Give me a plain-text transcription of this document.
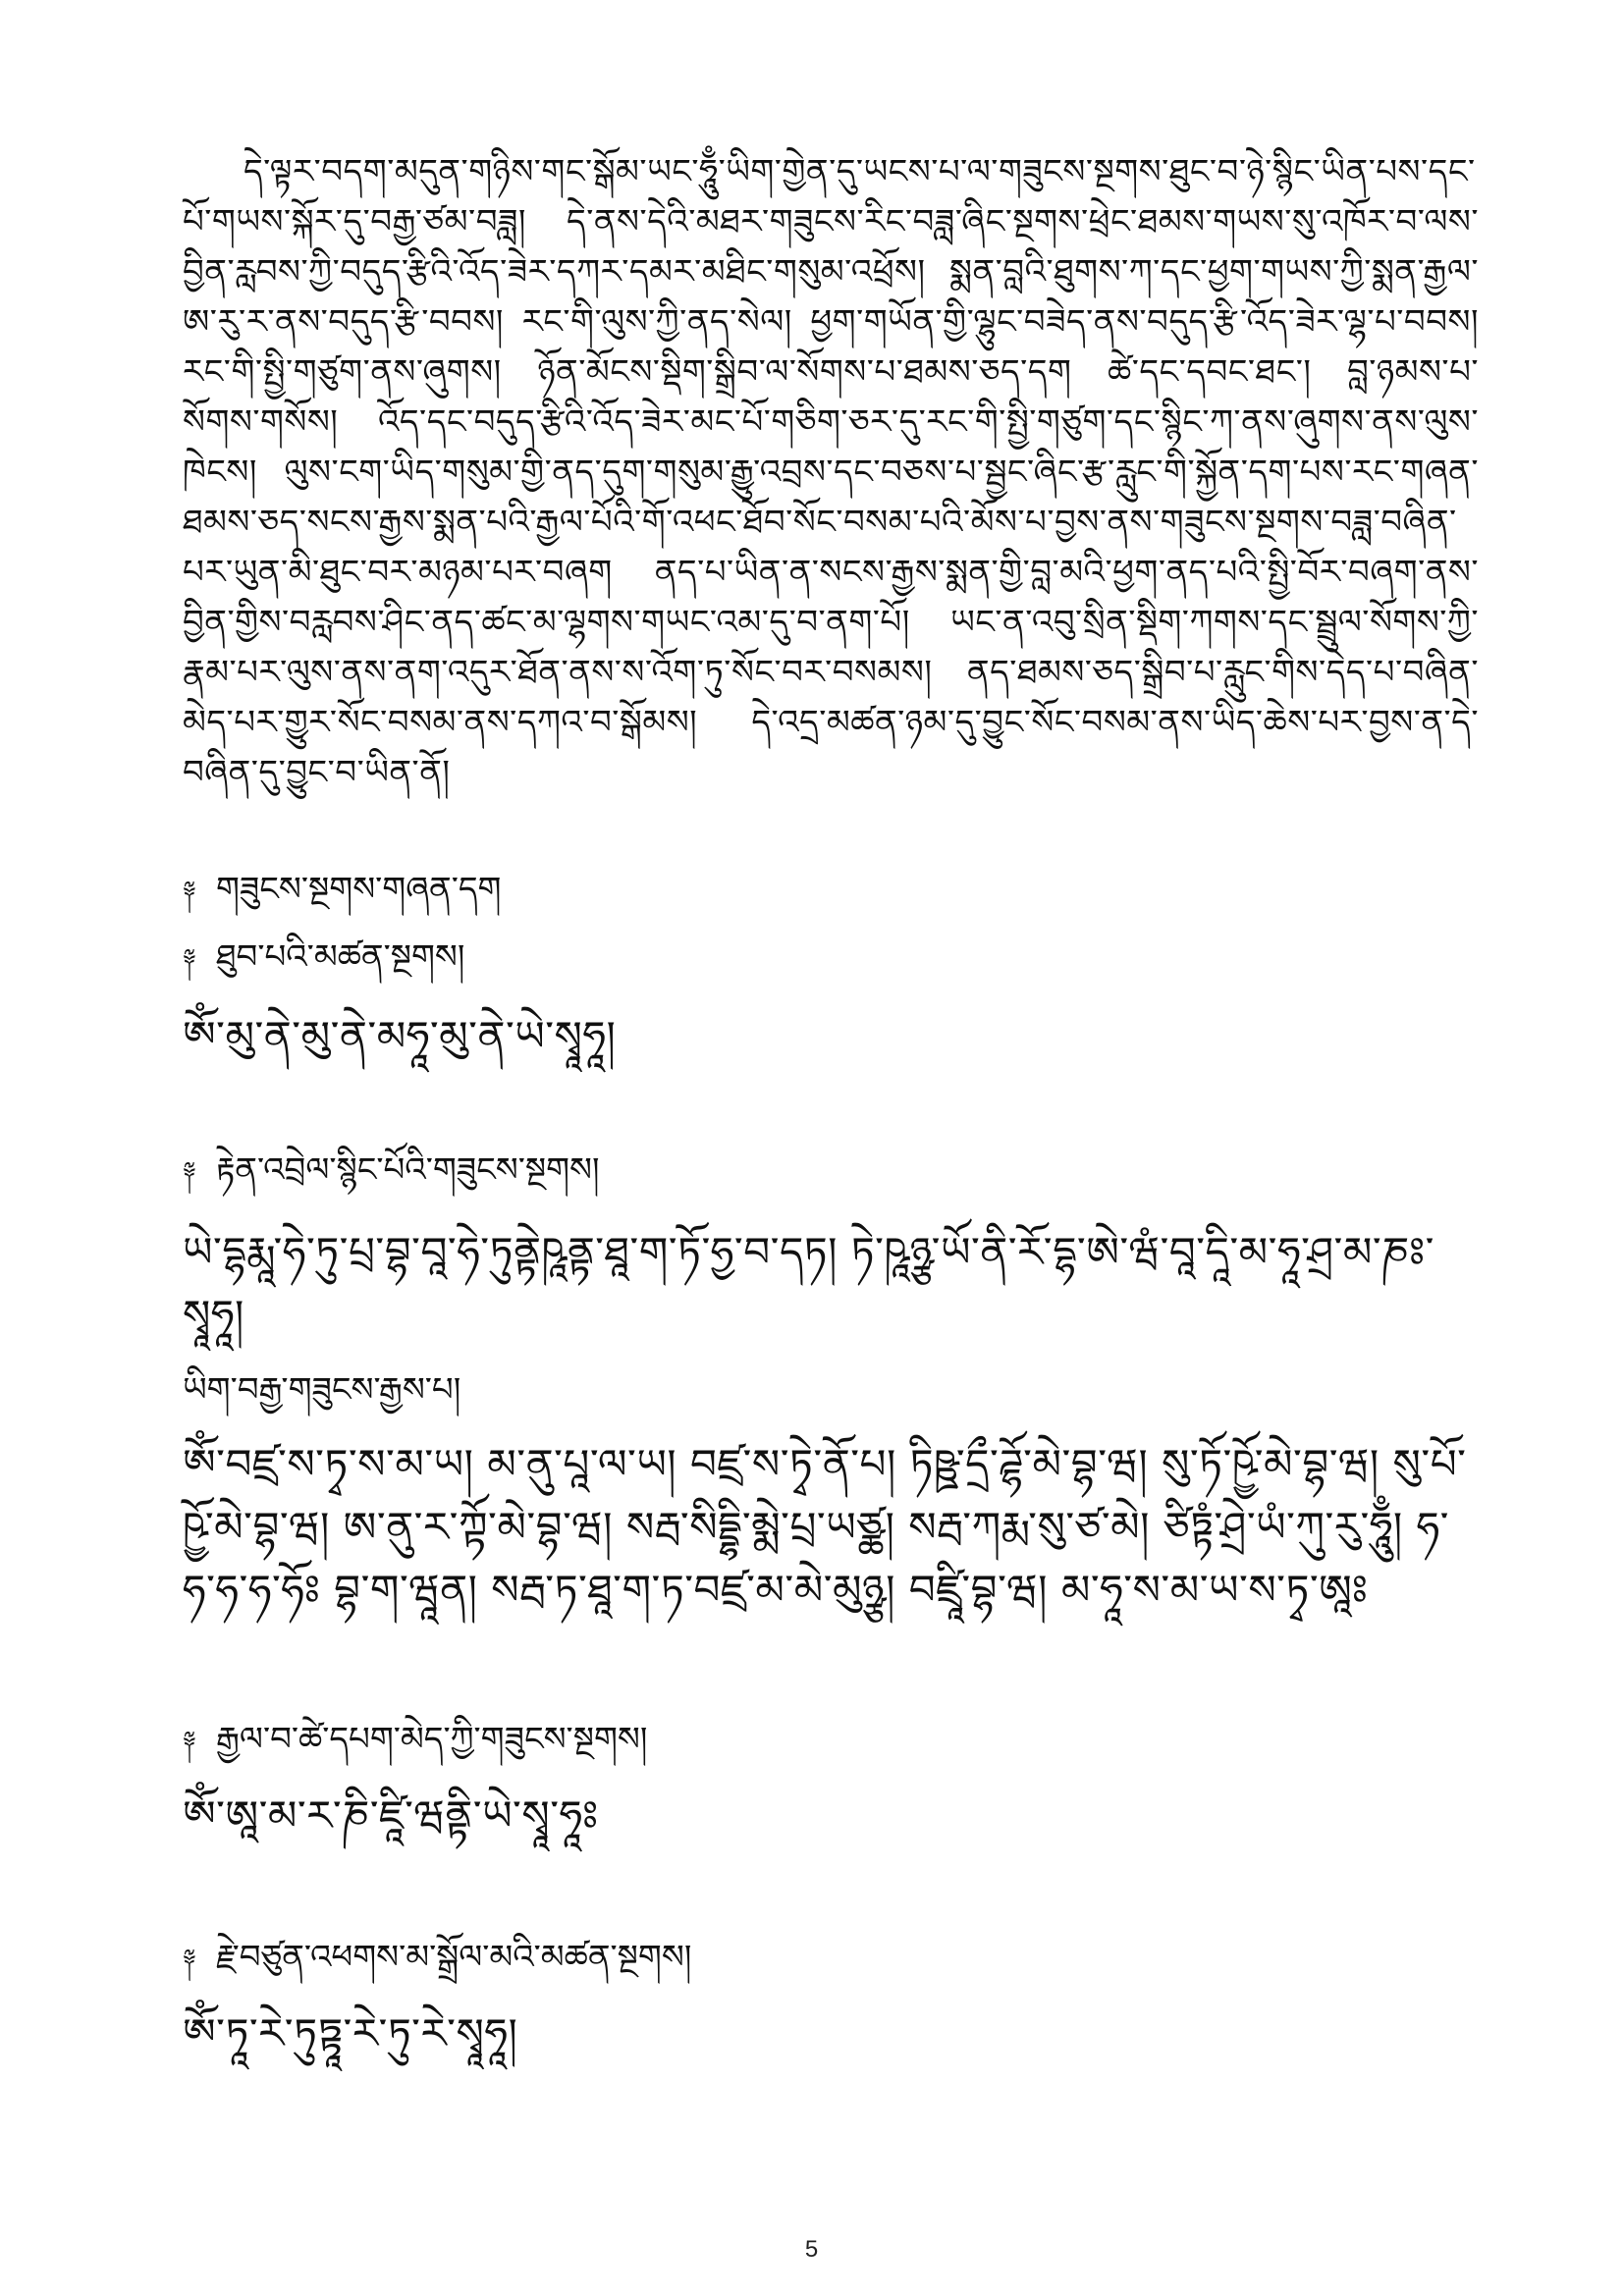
དེ་ལྟར་བདག་མདུན་གཉིས་གང་སྒོམ་ཡང་ཧཱུྃ་ཡིག་གྱེན་དུ་ཡངས་པ་ལ་གཟུངས་སྔགས་ཐུང་བ་ཉེ་སྙིང་ཡིན་པས་དང་པོ་གཡས་སྐོར་དུ་བརྒྱ་ཙམ་བཟླ། དེ་ནས་དེའི་མཐར་གཟུངས་རིང་བཟླ་ཞིང་སྔགས་ཕྲེང་ཐམས་གཡས་སུ་འཁོར་བ་ལས་བྱིན་རླབས་ཀྱི་བདུད་རྩིའི་འོད་ཟེར་དཀར་དམར་མཐིང་གསུམ་འཕྲོས། སྨན་བླའི་ཐུགས་ཀ་དང་ཕྱག་གཡས་ཀྱི་སྨན་རྒྱལ་ཨ་རུ་ར་ནས་བདུད་རྩི་བབས། རང་གི་ལུས་ཀྱི་ནད་སེལ། ཕྱག་གཡོན་གྱི་ལྷུང་བཟེད་ནས་བདུད་རྩི་འོད་ཟེར་ལྷ་པ་བབས། རང་གི་སྤྱི་གཙུག་ནས་ཞུགས། ཉོན་མོངས་སྡིག་སྒྲིབ་ལ་སོགས་པ་ཐམས་ཅད་དག ཚེ་དང་དབང་ཐང་། བླ་ཉམས་པ་སོགས་གསོས། འོད་དང་བདུད་རྩིའི་འོད་ཟེར་མང་པོ་གཅིག་ཅར་དུ་རང་གི་སྤྱི་གཙུག་དང་སྙིང་ཀ་ནས་ཞུགས་ནས་ལུས་ཁེངས། ལུས་ངག་ཡིད་གསུམ་གྱི་ནད་དུག་གསུམ་རྒྱུ་འབྲས་དང་བཅས་པ་སྦྱང་ཞིང་རྩ་རླུང་གི་སྐྱོན་དག་པས་རང་གཞན་ཐམས་ཅད་སངས་རྒྱས་སྨན་པའི་རྒྱལ་པོའི་གོ་འཕང་ཐོབ་སོང་བསམ་པའི་མོས་པ་བྱས་ནས་གཟུངས་སྔགས་བཟླ་བཞིན་པར་ཡུན་མི་ཐུང་བར་མཉམ་པར་བཞག ནད་པ་ཡིན་ན་སངས་རྒྱས་སྨན་གྱི་བླ་མའི་ཕྱག་ནད་པའི་སྤྱི་བོར་བཞག་ནས་བྱིན་གྱིས་བརླབས་ཤིང་ནད་ཚང་མ་ལྷགས་གཡང་འམ་དུ་བ་ནག་པོ། ཡང་ན་འབུ་སྲིན་སྡིག་ཀགས་དང་སྦྲུལ་སོགས་ཀྱི་རྣམ་པར་ལུས་ནས་ནག་འདུར་ཐོན་ནས་ས་འོག་ཏུ་སོང་བར་བསམས། ནད་ཐམས་ཅད་སྒྲིབ་པ་རླུང་གིས་དེད་པ་བཞིན་མེད་པར་གྱུར་སོང་བསམ་ནས་དཀའ་བ་སྒོམས། དེ་འདྲ་མཚན་ཉམ་དུ་བྱུང་སོང་བསམ་ནས་ཡིད་ཆེས་པར་བྱས་ན་དེ་བཞིན་དུ་བྱུང་བ་ཡིན་ནོ།
༈ གཟུངས་སྔགས་གཞན་དག
༈ ཐུབ་པའི་མཚན་སྔགས།
ཨོཾ་མུ་ནེ་མུ་ནེ་མཧཱ་མུ་ནེ་ཡེ་སྭཱཧཱ།
༈ རྟེན་འབྲེལ་སྙིང་པོའི་གཟུངས་སྔགས།
ཡེ་དྷརྨཱ་ཧེ་ཏུ་པྲ་བྷ་བཱ་ཧེ་ཏུནྟེཥཱནྟ་ཐཱ་ག་ཏོ་ཧྱ་བ་དཏ། ཏེ་ཥཱཉྩ་ཡོ་ནི་རོ་དྷ་ཨེ་ཝཾ་བཱ་དཱི་མ་ཧཱ་ཤྲ་མ་ཎཿ་སྭཱཧཱ།
ཡིག་བརྒྱ་གཟུངས་རྒྱས་པ།
ཨོཾ་བཛྲ་ས་ཏྭ་ས་མ་ཡ། མ་ནུ་པཱ་ལ་ཡ། བཛྲ་ས་ཏྭེ་ནོ་པ། ཏིཥྛ་དྲྀ་ཌྷོ་མེ་བྷ་ཝ། སུ་ཏོ་ཥྱོ་མེ་བྷ་ཝ། སུ་པོ་ཥྱོ་མེ་བྷ་ཝ། ཨ་ནུ་ར་ཀྟོ་མེ་བྷ་ཝ། སརྦ་སིདྡྷི་མྨེ་པྲ་ཡཙྪ། སརྦ་ཀརྨ་སུ་ཙ་མེ། ཙིཏྟཾ་ཤྲེ་ཡཾ་ཀུ་རུ་ཧཱུྃ། ཧ་ཧ་ཧ་ཧ་ཧོཿ བྷ་ག་ཝཱན། སརྦ་ཏ་ཐཱ་ག་ཏ་བཛྲ་མ་མེ་མུཉྩ། བཛྲཱི་བྷ་ཝ། མ་ཧཱ་ས་མ་ཡ་ས་ཏྭ་ཨཱཿ
༈ རྒྱལ་བ་ཚེ་དཔག་མེད་ཀྱི་གཟུངས་སྔགས།
ཨོཾ་ཨཱ་མ་ར་ཎི་ཛཱི་ཝནྟི་ཡེ་སྭཱ་ཧཱཿ
༈ རྗེ་བཙུན་འཕགས་མ་སྒྲོལ་མའི་མཚན་སྔགས།
ཨོཾ་ཏཱ་རེ་ཏུཏྟཱ་རེ་ཏུ་རེ་སྭཱཧཱ།
5
